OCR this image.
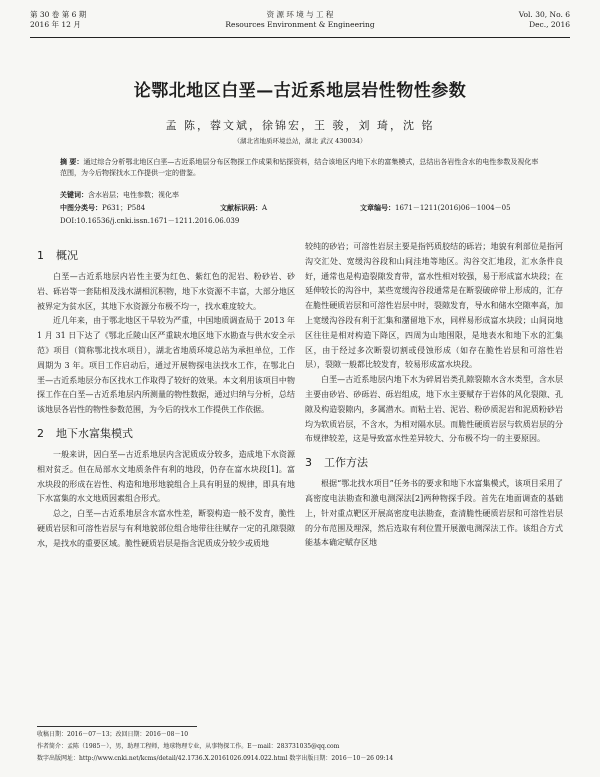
第 30 卷 第 6 期
2016 年 12 月
资 源 环 境 与 工 程
Resources Environment & Engineering
Vol. 30, No. 6
Dec., 2016
论鄂北地区白垩—古近系地层岩性物性参数
孟 陈，蓉文斌，徐锦宏，王 骏，刘 琦，沈 铭
（湖北省地质环境总站，湖北 武汉 430034）
摘 要：通过综合分析鄂北地区白垩—古近系地层分布区物探工作成果和钻探资料，结合该地区内地下水的富集模式，总结出各岩性含水的电性参数及视化率范围，为今后物探找水工作提供一定的借鉴。
关键词：含水岩层；电性参数；视化率
中图分类号：P631；P584	文献标识码：A	文章编号：1671－1211(2016)06－1004－05
DOI:10.16536/j.cnki.issn.1671－1211.2016.06.039
1 概况

白垩—古近系地层内岩性主要为红色、紫红色的泥岩、粉砂岩、砂岩、砾岩等一套陆相及浅水湖相沉积物，地下水资源不丰富，大部分地区被界定为贫水区，其地下水资源分布极不均一，找水难度较大。

近几年来，由于鄂北地区干旱较为严重，中国地质调查局于 2013 年 1 月 31 日下达了《鄂北丘陵山区严重缺水地区地下水勘查与供水安全示范》项目（简称鄂北找水项目），湖北省地质环境总站为承担单位，工作周期为 3 年。项目工作启动后，通过开展物探电法找水工作，在鄂北白垩—古近系地层分布区找水工作取得了较好的效果。本文利用该项目中物探工作在白垩—古近系地层内所测量的物性数据，通过归纳与分析，总结该地层各岩性的物性参数范围，为今后的找水工作提供工作依据。

2 地下水富集模式

一般来讲，因白垩—古近系地层内含泥质成分较多，造成地下水资源相对贫乏。但在局部水文地质条件有利的地段，仍存在富水块段[1]。富水块段的形成在岩性、构造和地形地貌组合上具有明显的规律，即具有地下水富集的水文地质因素组合形式。

总之，白垩—古近系地层含水富水性差，断裂构造一般不发育，脆性硬质岩层和可溶性岩层与有利地貌部位组合地带往往赋存一定的孔隙裂隙水，是找水的重要区域。脆性硬质岩层是指含泥质成分较少或质地

较纯的砂岩；可溶性岩层主要是指钙质胶结的砾岩；地貌有利部位是指河沟交汇处、宽缓沟谷段和山间洼地等地区。沟谷交汇地段，汇水条件良好，通常也是构造裂隙发育带，富水性相对较强，易于形成富水块段；在延伸较长的沟谷中，某些宽缓沟谷段通常是在断裂破碎带上形成的，汇存在脆性硬质岩层和可溶性岩层中时，裂隙发育，导水和储水空隙率高，加上宽缓沟谷段有利于汇集和潴留地下水，同样易形成富水块段；山间岗地区往往是相对构造下降区，四周为山地围限，是地表水和地下水的汇集区，由于经过多次断裂切割或侵蚀形成（如存在脆性岩层和可溶性岩层），裂隙一般都比较发育，较易形成富水块段。

白垩—古近系地层内地下水为碎屑岩类孔隙裂隙水含水类型，含水层主要由砂岩、砂砾岩、砾岩组成，地下水主要赋存于岩体的风化裂隙、孔隙及构造裂隙内，多属潜水。而粘土岩、泥岩、粉砂质泥岩和泥质粉砂岩均为软质岩层，不含水，为相对隔水层。而脆性硬质岩层与软质岩层的分布规律较差，这是导致富水性差异较大、分布极不均一的主要原因。

3 工作方法

根据“鄂北找水项目”任务书的要求和地下水富集模式，该项目采用了高密度电法勘查和激电测深法[2]两种物探手段。首先在地面调查的基础上，针对重点靶区开展高密度电法勘查，查清脆性硬质岩层和可溶性岩层的分布范围及埋深，然后选取有利位置开展激电测深法工作。该组合方式能基本确定赋存区地

收稿日期：2016－07－13；改回日期：2016－08－10
作者简介：孟陈（1985－），男，助理工程师，地球物理专业，从事物探工作。E－mail：283731035@qq.com
数字出版网址：http://www.cnki.net/kcms/detail/42.1736.X.20161026.0914.022.html 数字出版日期：2016－10－26 09:14
